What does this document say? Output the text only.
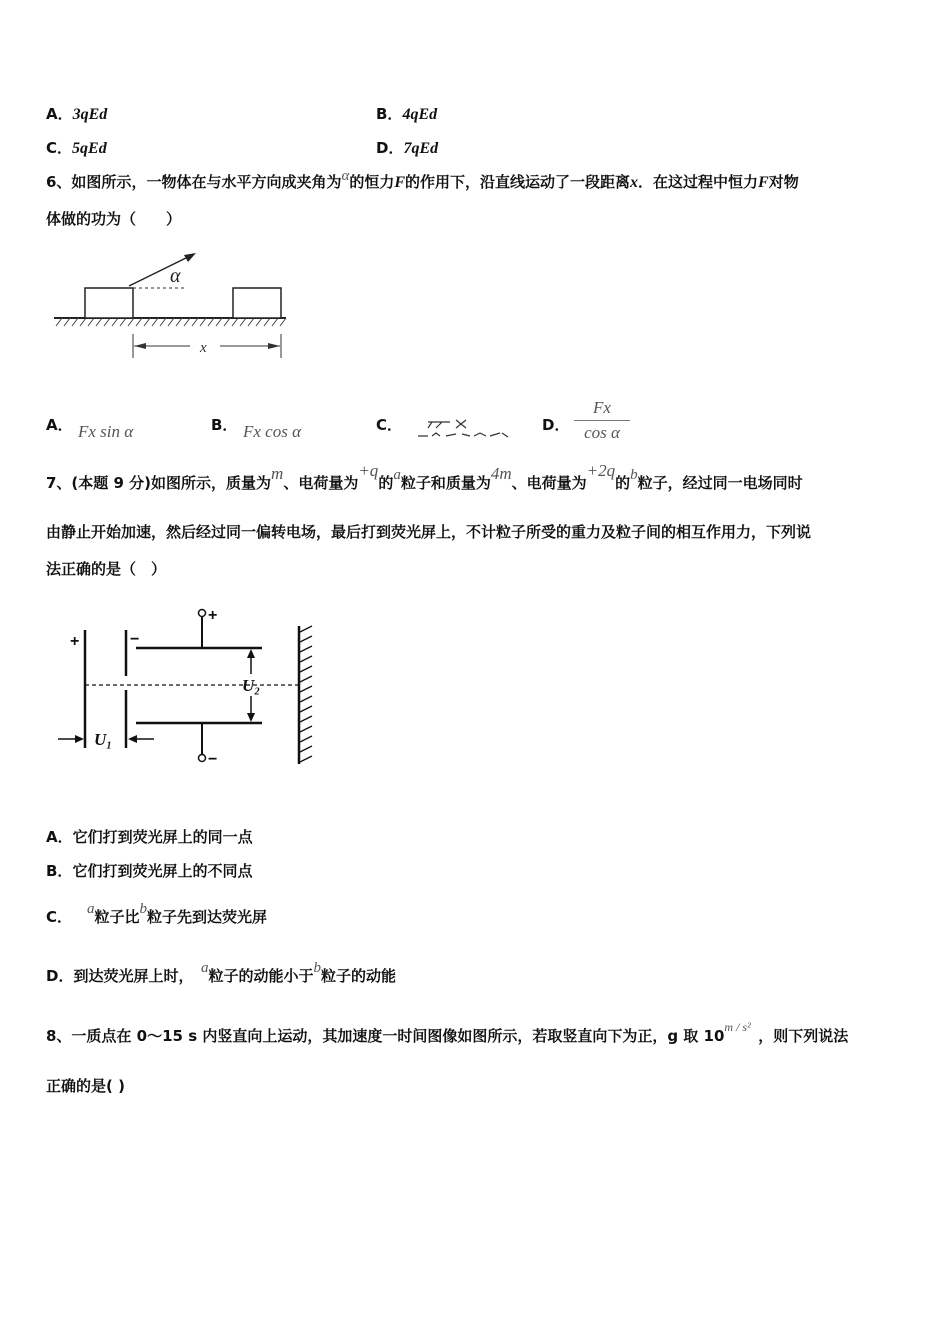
A．3qEd	B．4qEd
C．5qEd	D．7qEd
6、如图所示，一物体在与水平方向成夹角为α的恒力F的作用下，沿直线运动了一段距离x．在这过程中恒力F对物
体做的功为（　　）
α
x
A． Fx sin α	B． Fx cos α	C．	D．
Fx
cos α
7、(本题 9 分)如图所示，质量为m、电荷量为+q的a粒子和质量为4m、电荷量为+2q的b粒子，经过同一电场同时
由静止开始加速，然后经过同一偏转电场，最后打到荧光屏上，不计粒子所受的重力及粒子间的相互作用力，下列说
法正确的是（　）
+	−
+
−
U₂
U₁
A．它们打到荧光屏上的同一点
B．它们打到荧光屏上的不同点
C．  a粒子比b粒子先到达荧光屏
D．到达荧光屏上时，  a粒子的动能小于b粒子的动能
8、一质点在 0～15 s 内竖直向上运动，其加速度一时间图像如图所示，若取竖直向下为正，g 取 $10^{m / s^2}$  ，则下列说法
正确的是( )
